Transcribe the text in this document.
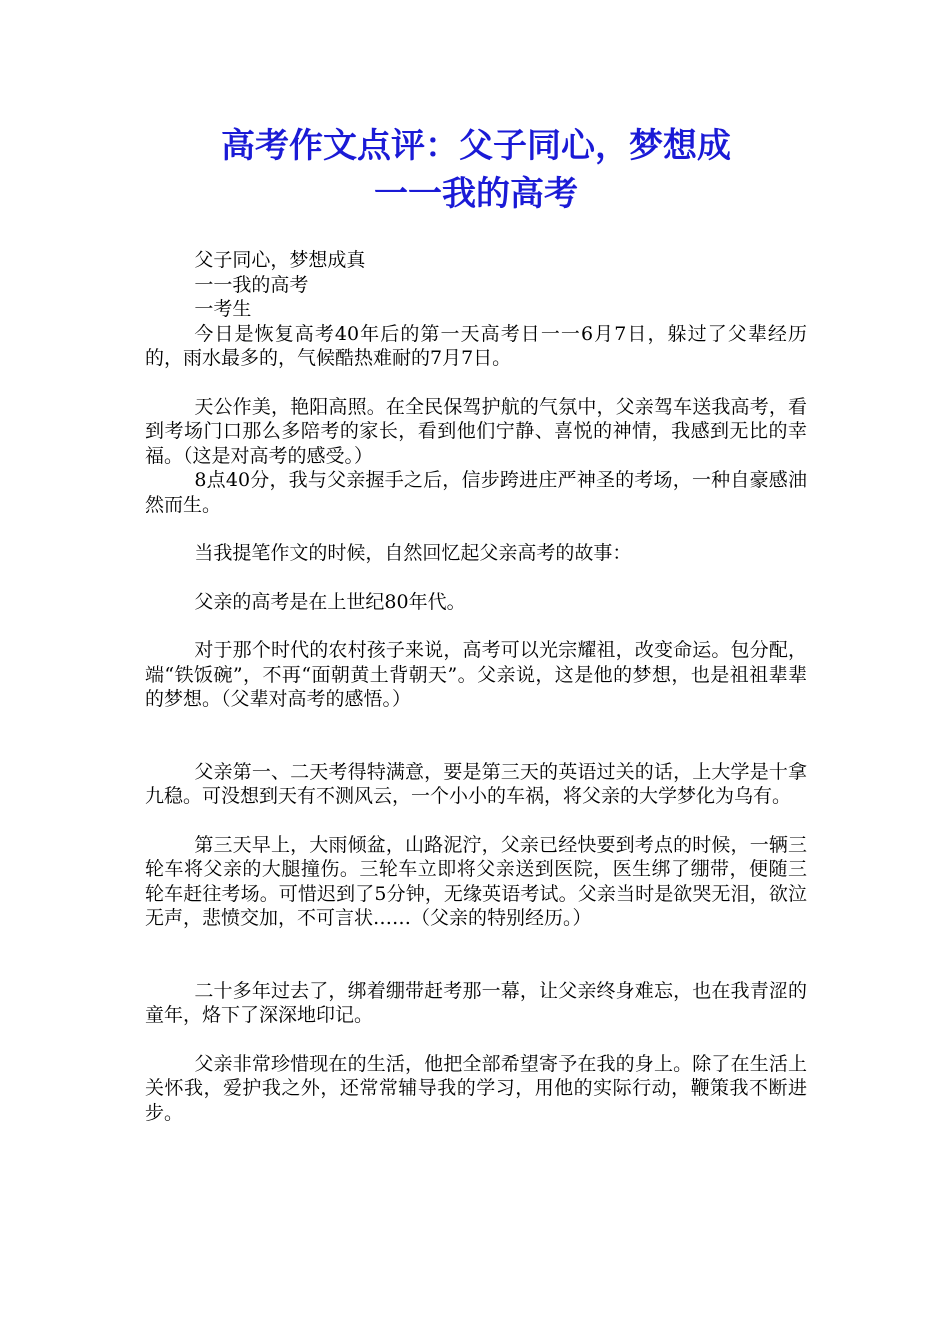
高考作文点评：父子同心，梦想成
一一我的高考

父子同心，梦想成真

一一我的高考

一考生

今日是恢复高考40年后的第一天高考日一一6月7日，躲过了父辈经历的，雨水最多的，气候酷热难耐的7月7日。

天公作美，艳阳高照。在全民保驾护航的气氛中，父亲驾车送我高考，看到考场门口那么多陪考的家长，看到他们宁静、喜悦的神情，我感到无比的幸福。（这是对高考的感受。）

8点40分，我与父亲握手之后，信步跨进庄严神圣的考场，一种自豪感油然而生。

当我提笔作文的时候，自然回忆起父亲高考的故事：

父亲的高考是在上世纪80年代。

对于那个时代的农村孩子来说，高考可以光宗耀祖，改变命运。包分配，端“铁饭碗”，不再“面朝黄土背朝天”。父亲说，这是他的梦想，也是祖祖辈辈的梦想。（父辈对高考的感悟。）

父亲第一、二天考得特满意，要是第三天的英语过关的话，上大学是十拿九稳。可没想到天有不测风云，一个小小的车祸，将父亲的大学梦化为乌有。

第三天早上，大雨倾盆，山路泥泞，父亲已经快要到考点的时候，一辆三轮车将父亲的大腿撞伤。三轮车立即将父亲送到医院，医生绑了绷带，便随三轮车赶往考场。可惜迟到了5分钟，无缘英语考试。父亲当时是欲哭无泪，欲泣无声，悲愤交加，不可言状……（父亲的特别经历。）

二十多年过去了，绑着绷带赶考那一幕，让父亲终身难忘，也在我青涩的童年，烙下了深深地印记。

父亲非常珍惜现在的生活，他把全部希望寄予在我的身上。除了在生活上关怀我，爱护我之外，还常常辅导我的学习，用他的实际行动，鞭策我不断进步。
